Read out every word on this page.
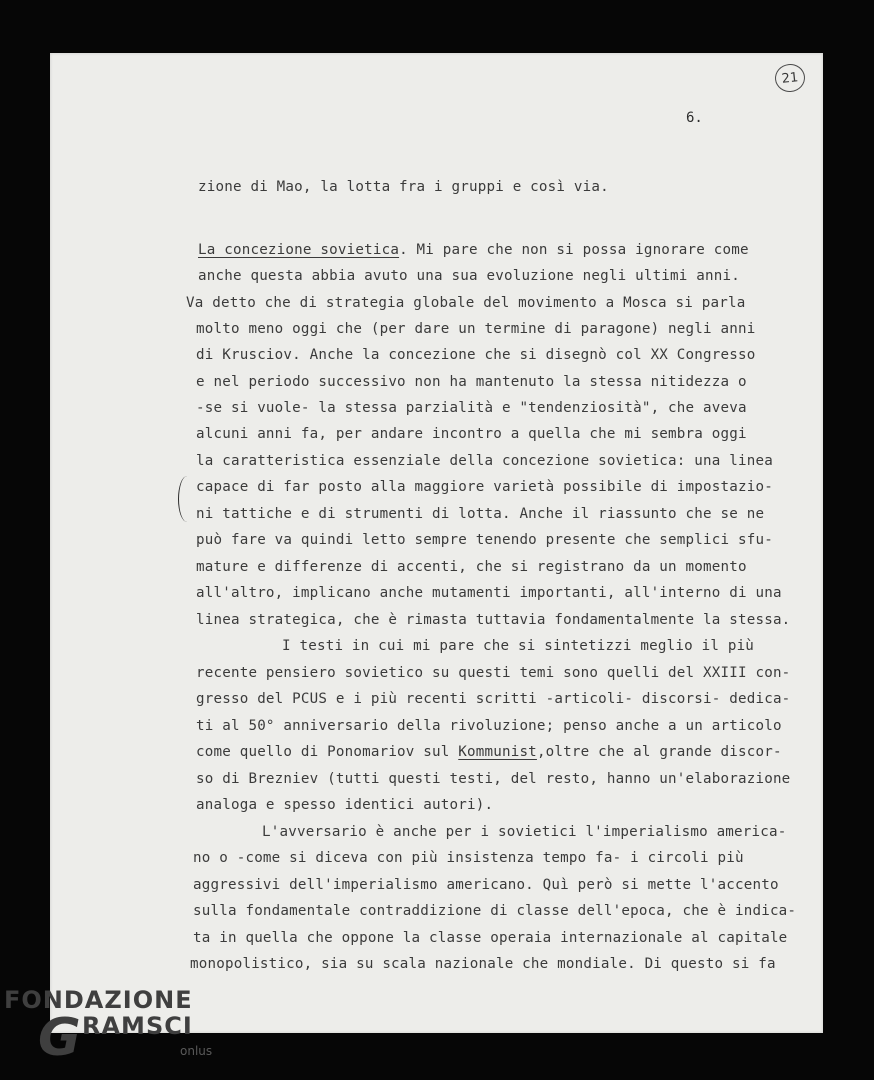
21
6.
zione di Mao, la lotta fra i gruppi e così via.
La concezione sovietica. Mi pare che non si possa ignorare come
anche questa abbia avuto una sua evoluzione negli ultimi anni.
Va detto che di strategia globale del movimento a Mosca si parla
molto meno oggi che (per dare un termine di paragone) negli anni
di Krusciov. Anche la concezione che si disegnò col XX Congresso
e nel periodo successivo non ha mantenuto la stessa nitidezza o
-se si vuole- la stessa parzialità e "tendenziosità", che aveva
alcuni anni fa, per andare incontro a quella che mi sembra oggi
la caratteristica essenziale della concezione sovietica: una linea
capace di far posto alla maggiore varietà possibile di impostazio-
ni tattiche e di strumenti di lotta. Anche il riassunto che se ne
può fare va quindi letto sempre tenendo presente che semplici sfu-
mature e differenze di accenti, che si registrano da un momento
all'altro, implicano anche mutamenti importanti, all'interno di una
linea strategica, che è rimasta tuttavia fondamentalmente la stessa.
I testi in cui mi pare che si sintetizzi meglio il più
recente pensiero sovietico su questi temi sono quelli del XXIII con-
gresso del PCUS e i più recenti scritti -articoli- discorsi- dedica-
ti al 50° anniversario della rivoluzione; penso anche a un articolo
come quello di Ponomariov sul Kommunist,oltre che al grande discor-
so di Brezniev (tutti questi testi, del resto, hanno un'elaborazione
analoga e spesso identici autori).
L'avversario è anche per i sovietici l'imperialismo americа-
no o -come si diceva con più insistenza tempo fa- i circoli più
aggressivi dell'imperialismo americano. Quì però si mette l'accento
sulla fondamentale contraddizione di classe dell'epoca, che è indica-
ta in quella che oppone la classe operaia internazionale al capitale
monopolistico, sia su scala nazionale che mondiale. Di questo si fa
FONDAZIONE
G RAMSCI
onlus
